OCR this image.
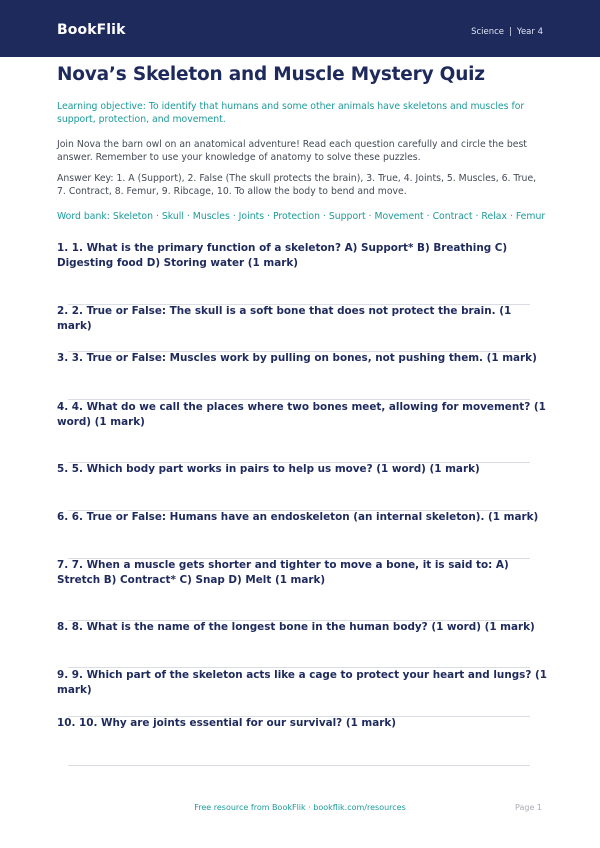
BookFlik	Science | Year 4
Nova’s Skeleton and Muscle Mystery Quiz
Learning objective: To identify that humans and some other animals have skeletons and muscles for support, protection, and movement.
Join Nova the barn owl on an anatomical adventure! Read each question carefully and circle the best answer. Remember to use your knowledge of anatomy to solve these puzzles.
Answer Key: 1. A (Support), 2. False (The skull protects the brain), 3. True, 4. Joints, 5. Muscles, 6. True, 7. Contract, 8. Femur, 9. Ribcage, 10. To allow the body to bend and move.
Word bank: Skeleton · Skull · Muscles · Joints · Protection · Support · Movement · Contract · Relax · Femur
1. 1. What is the primary function of a skeleton? A) Support* B) Breathing C) Digesting food D) Storing water (1 mark)
2. 2. True or False: The skull is a soft bone that does not protect the brain. (1 mark)
3. 3. True or False: Muscles work by pulling on bones, not pushing them. (1 mark)
4. 4. What do we call the places where two bones meet, allowing for movement? (1 word) (1 mark)
5. 5. Which body part works in pairs to help us move? (1 word) (1 mark)
6. 6. True or False: Humans have an endoskeleton (an internal skeleton). (1 mark)
7. 7. When a muscle gets shorter and tighter to move a bone, it is said to: A) Stretch B) Contract* C) Snap D) Melt (1 mark)
8. 8. What is the name of the longest bone in the human body? (1 word) (1 mark)
9. 9. Which part of the skeleton acts like a cage to protect your heart and lungs? (1 mark)
10. 10. Why are joints essential for our survival? (1 mark)
Free resource from BookFlik · bookflik.com/resources	Page 1
